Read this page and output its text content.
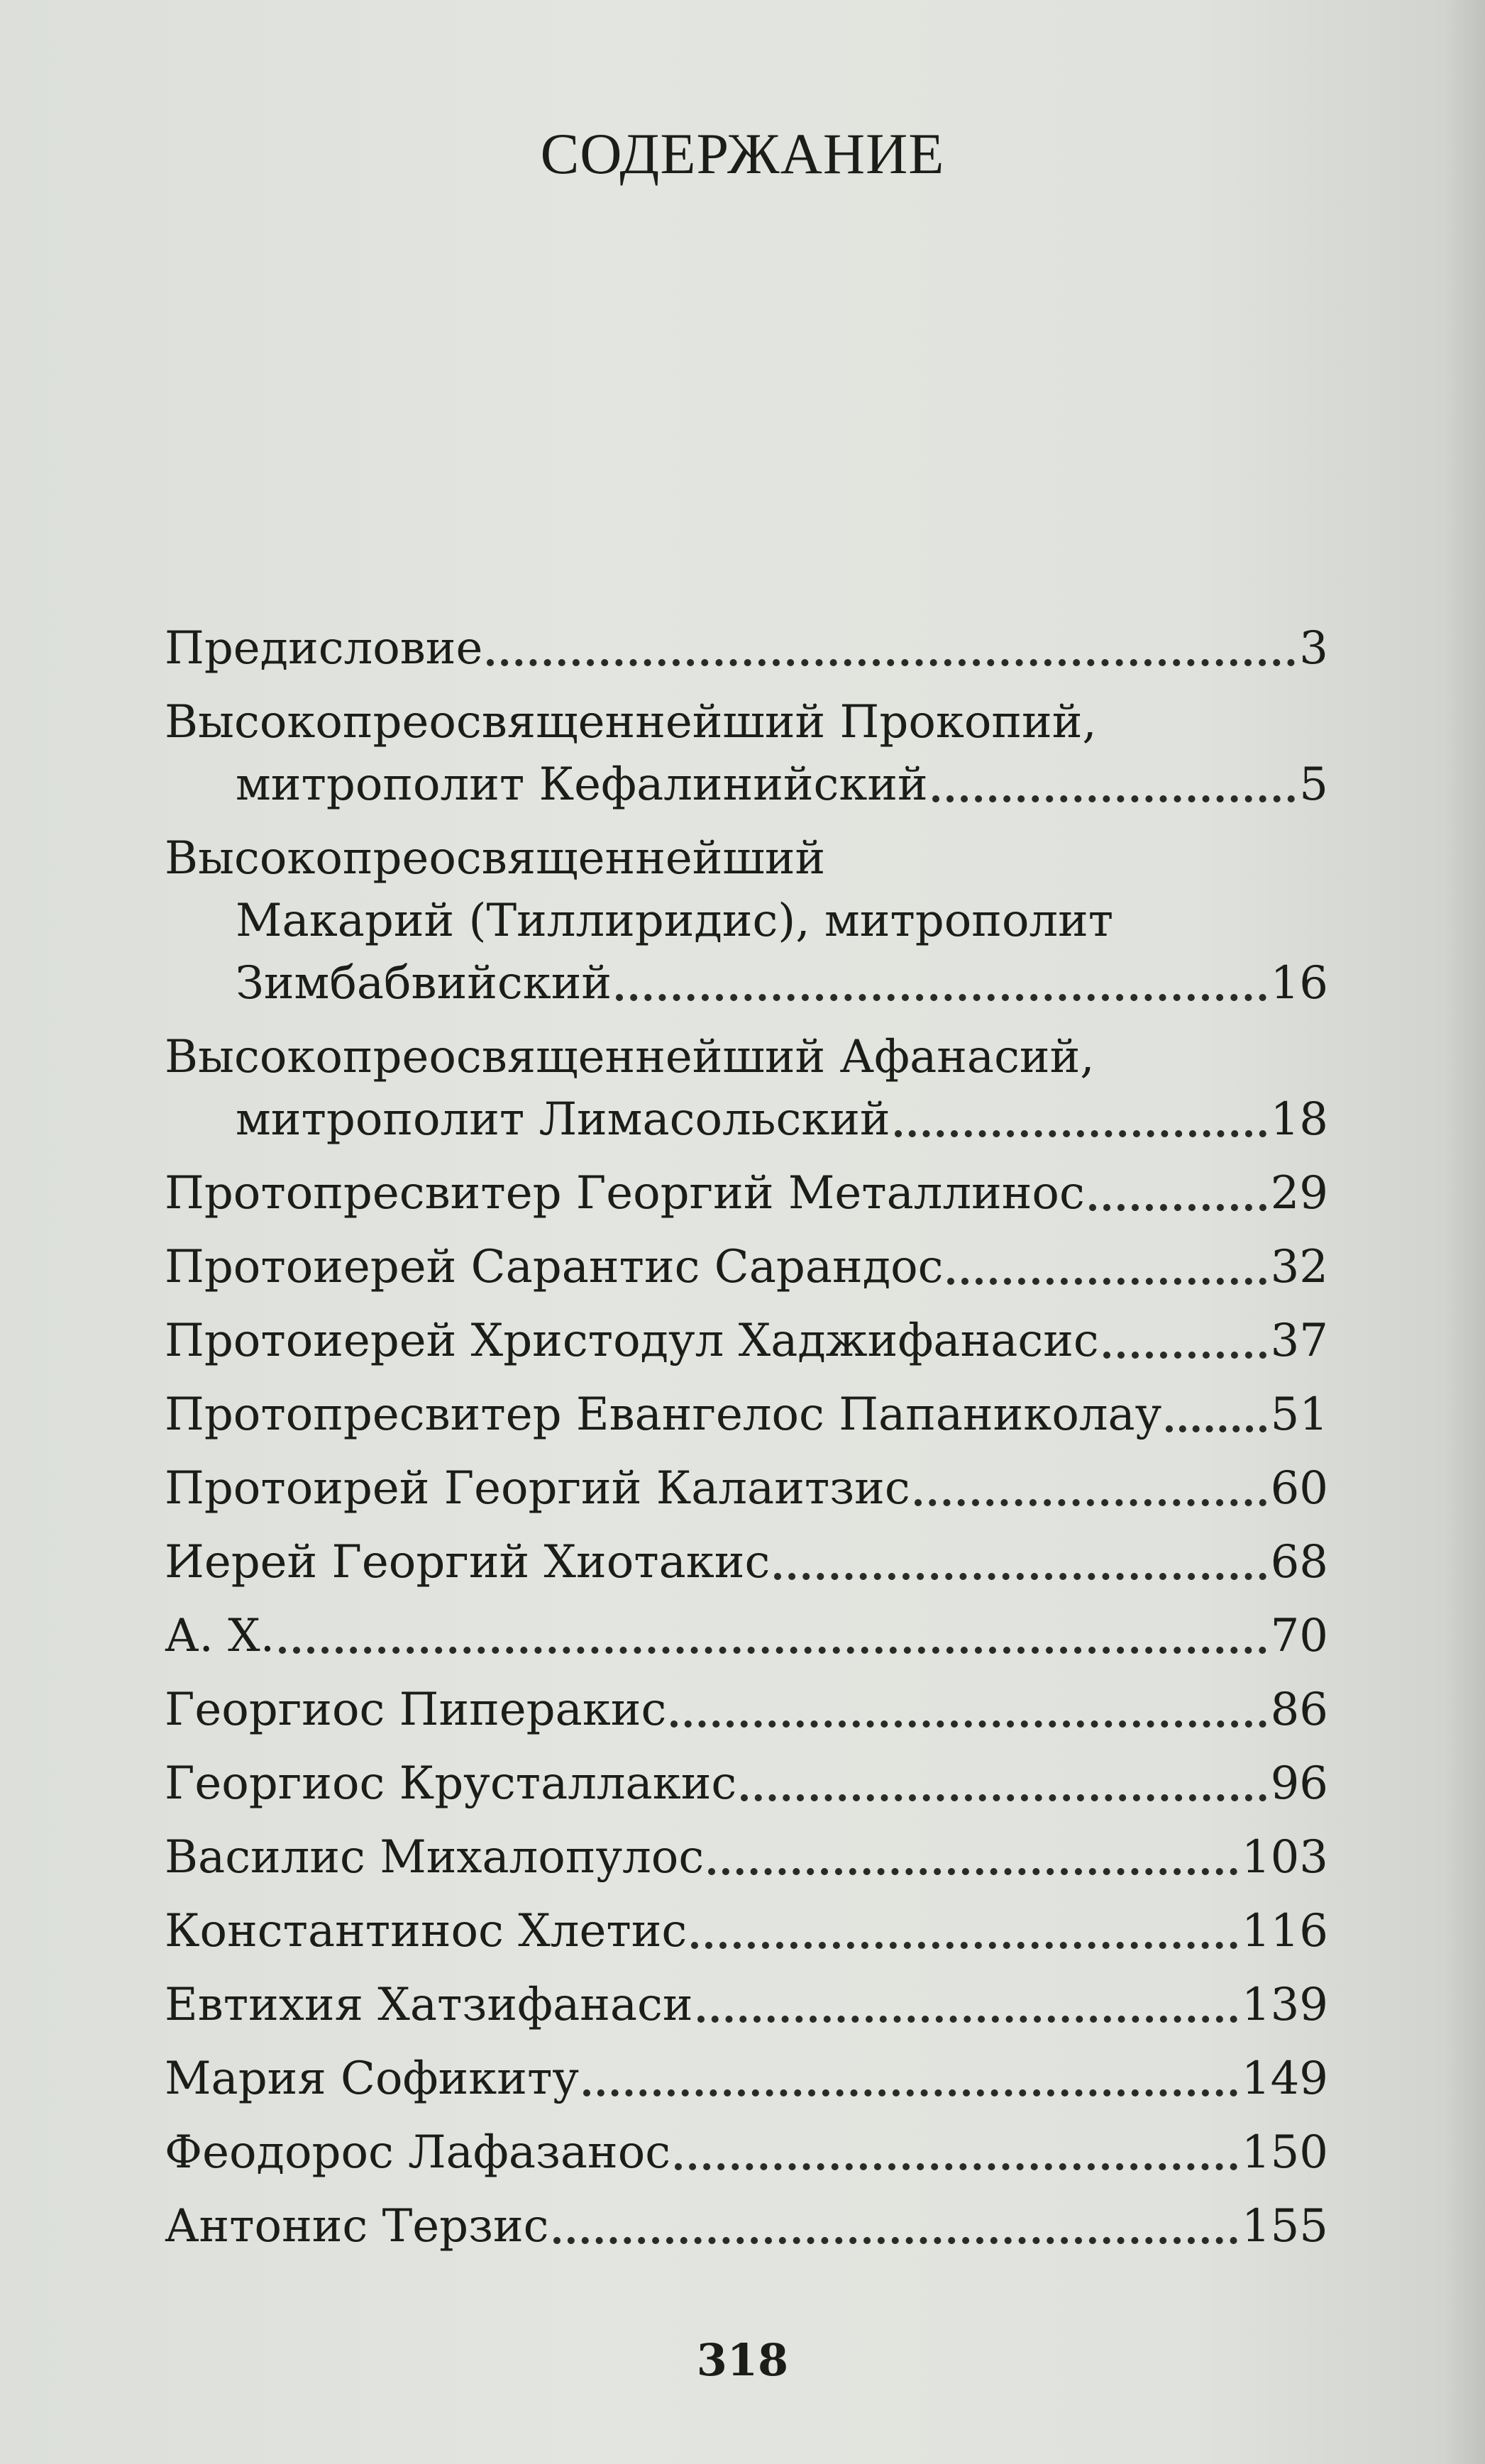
СОДЕРЖАНИЕ
Предисловие	3
Высокопреосвященнейший Прокопий,
митрополит Кефалинийский	5
Высокопреосвященнейший
Макарий (Тиллиридис), митрополит
Зимбабвийский	16
Высокопреосвященнейший Афанасий,
митрополит Лимасольский	18
Протопресвитер Георгий Металлинос	29
Протоиерей Сарантис Сарандос	32
Протоиерей Христодул Хаджифанасис	37
Протопресвитер Евангелос Папаниколау 51
Протоирей Георгий Калаитзис	60
Иерей Георгий Хиотакис	68
А. Х.	70
Георгиос Пиперакис	86
Георгиос Крусталлакис	96
Василис Михалопулос	103
Константинос Хлетис	116
Евтихия Хатзифанаси	139
Мария Софикиту	149
Феодорос Лафазанос	150
Антонис Терзис	155
318
